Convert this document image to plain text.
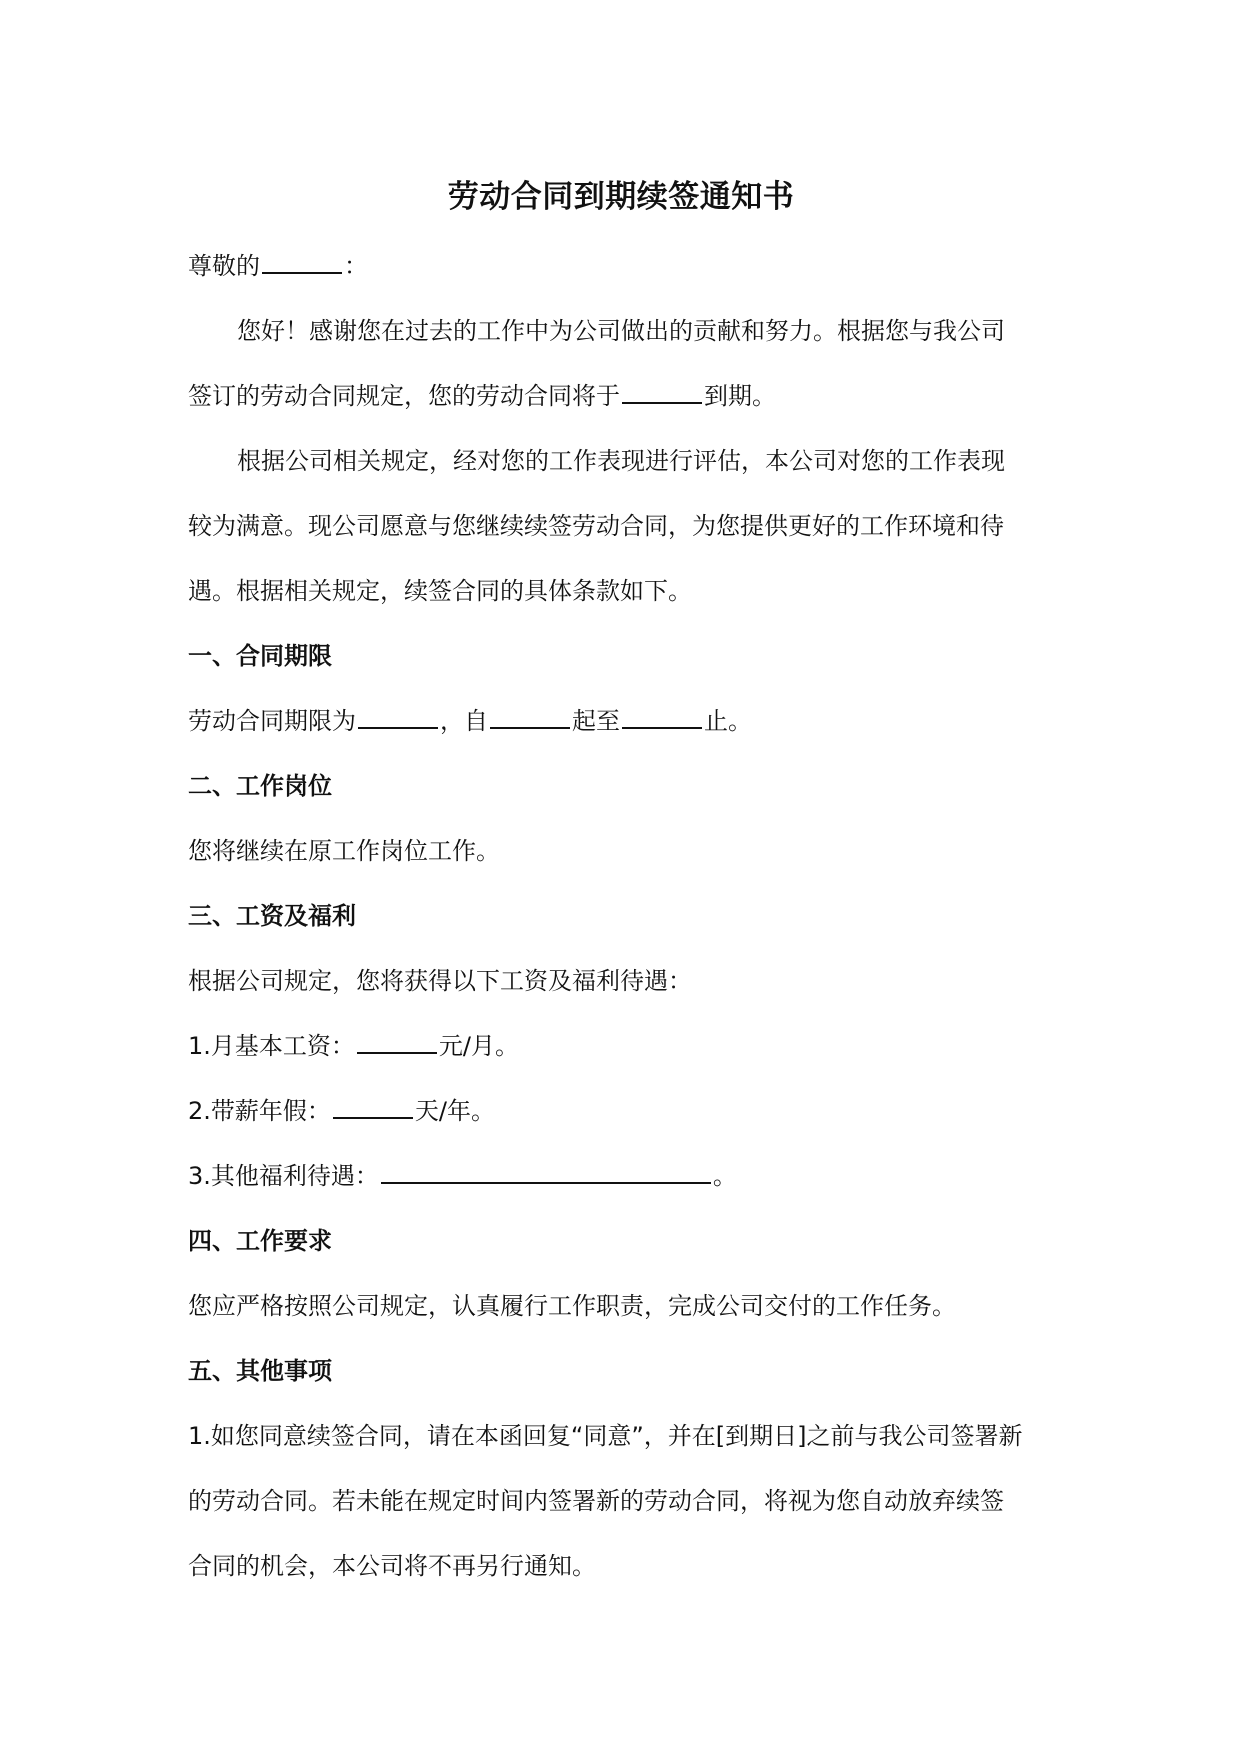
劳动合同到期续签通知书
尊敬的	：
您好！感谢您在过去的工作中为公司做出的贡献和努力。根据您与我公司
签订的劳动合同规定，您的劳动合同将于	到期。
根据公司相关规定，经对您的工作表现进行评估，本公司对您的工作表现
较为满意。现公司愿意与您继续续签劳动合同，为您提供更好的工作环境和待
遇。根据相关规定，续签合同的具体条款如下。
一、合同期限
劳动合同期限为	，自	起至	止。
二、工作岗位
您将继续在原工作岗位工作。
三、工资及福利
根据公司规定，您将获得以下工资及福利待遇：
1.月基本工资：	元/月。
2.带薪年假：	天/年。
3.其他福利待遇：	。
四、工作要求
您应严格按照公司规定，认真履行工作职责，完成公司交付的工作任务。
五、其他事项
1.如您同意续签合同，请在本函回复“同意”，并在[到期日]之前与我公司签署新
的劳动合同。若未能在规定时间内签署新的劳动合同，将视为您自动放弃续签
合同的机会，本公司将不再另行通知。
